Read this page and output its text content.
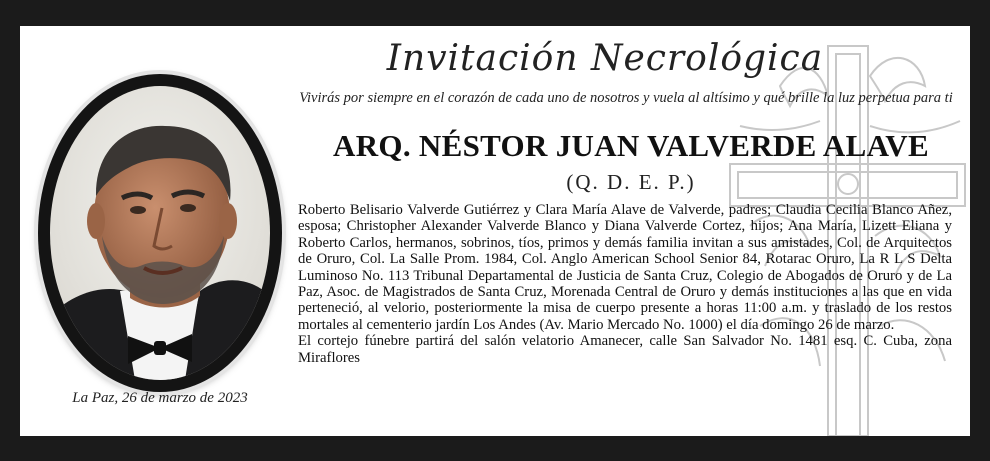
La Paz, 26 de marzo de 2023
Invitación Necrológica
Vivirás por siempre en el corazón de cada uno de nosotros y vuela al altísimo y qué brille la luz perpetua para ti
ARQ. NÉSTOR JUAN VALVERDE ALAVE
(Q. D. E. P.)

Roberto Belisario Valverde Gutiérrez y Clara María Alave de Valverde, padres; Claudia Cecilia Blanco Añez, esposa; Christopher Alexander Valverde Blanco y Diana Valverde Cortez, hijos; Ana María, Lizett Eliana y Roberto Carlos, hermanos, sobrinos, tíos, primos y demás familia invitan a sus amistades, Col. de Arquitectos de Oruro, Col. La Salle Prom. 1984, Col. Anglo American School Senior 84, Rotarac Oruro, La R L S Delta Luminoso No. 113 Tribunal Departamental de Justicia de Santa Cruz, Colegio de Abogados de Oruro y de La Paz, Asoc. de Magistrados de Santa Cruz, Morenada Central de Oruro y demás instituciones a las que en vida perteneció, al velorio, posteriormente la misa de cuerpo presente a horas 11:00 a.m. y traslado de los restos mortales al cementerio jardín Los Andes (Av. Mario Mercado No. 1000) el día domingo 26 de marzo.

El cortejo fúnebre partirá del salón velatorio Amanecer, calle San Salvador No. 1481 esq. C. Cuba, zona Miraflores
